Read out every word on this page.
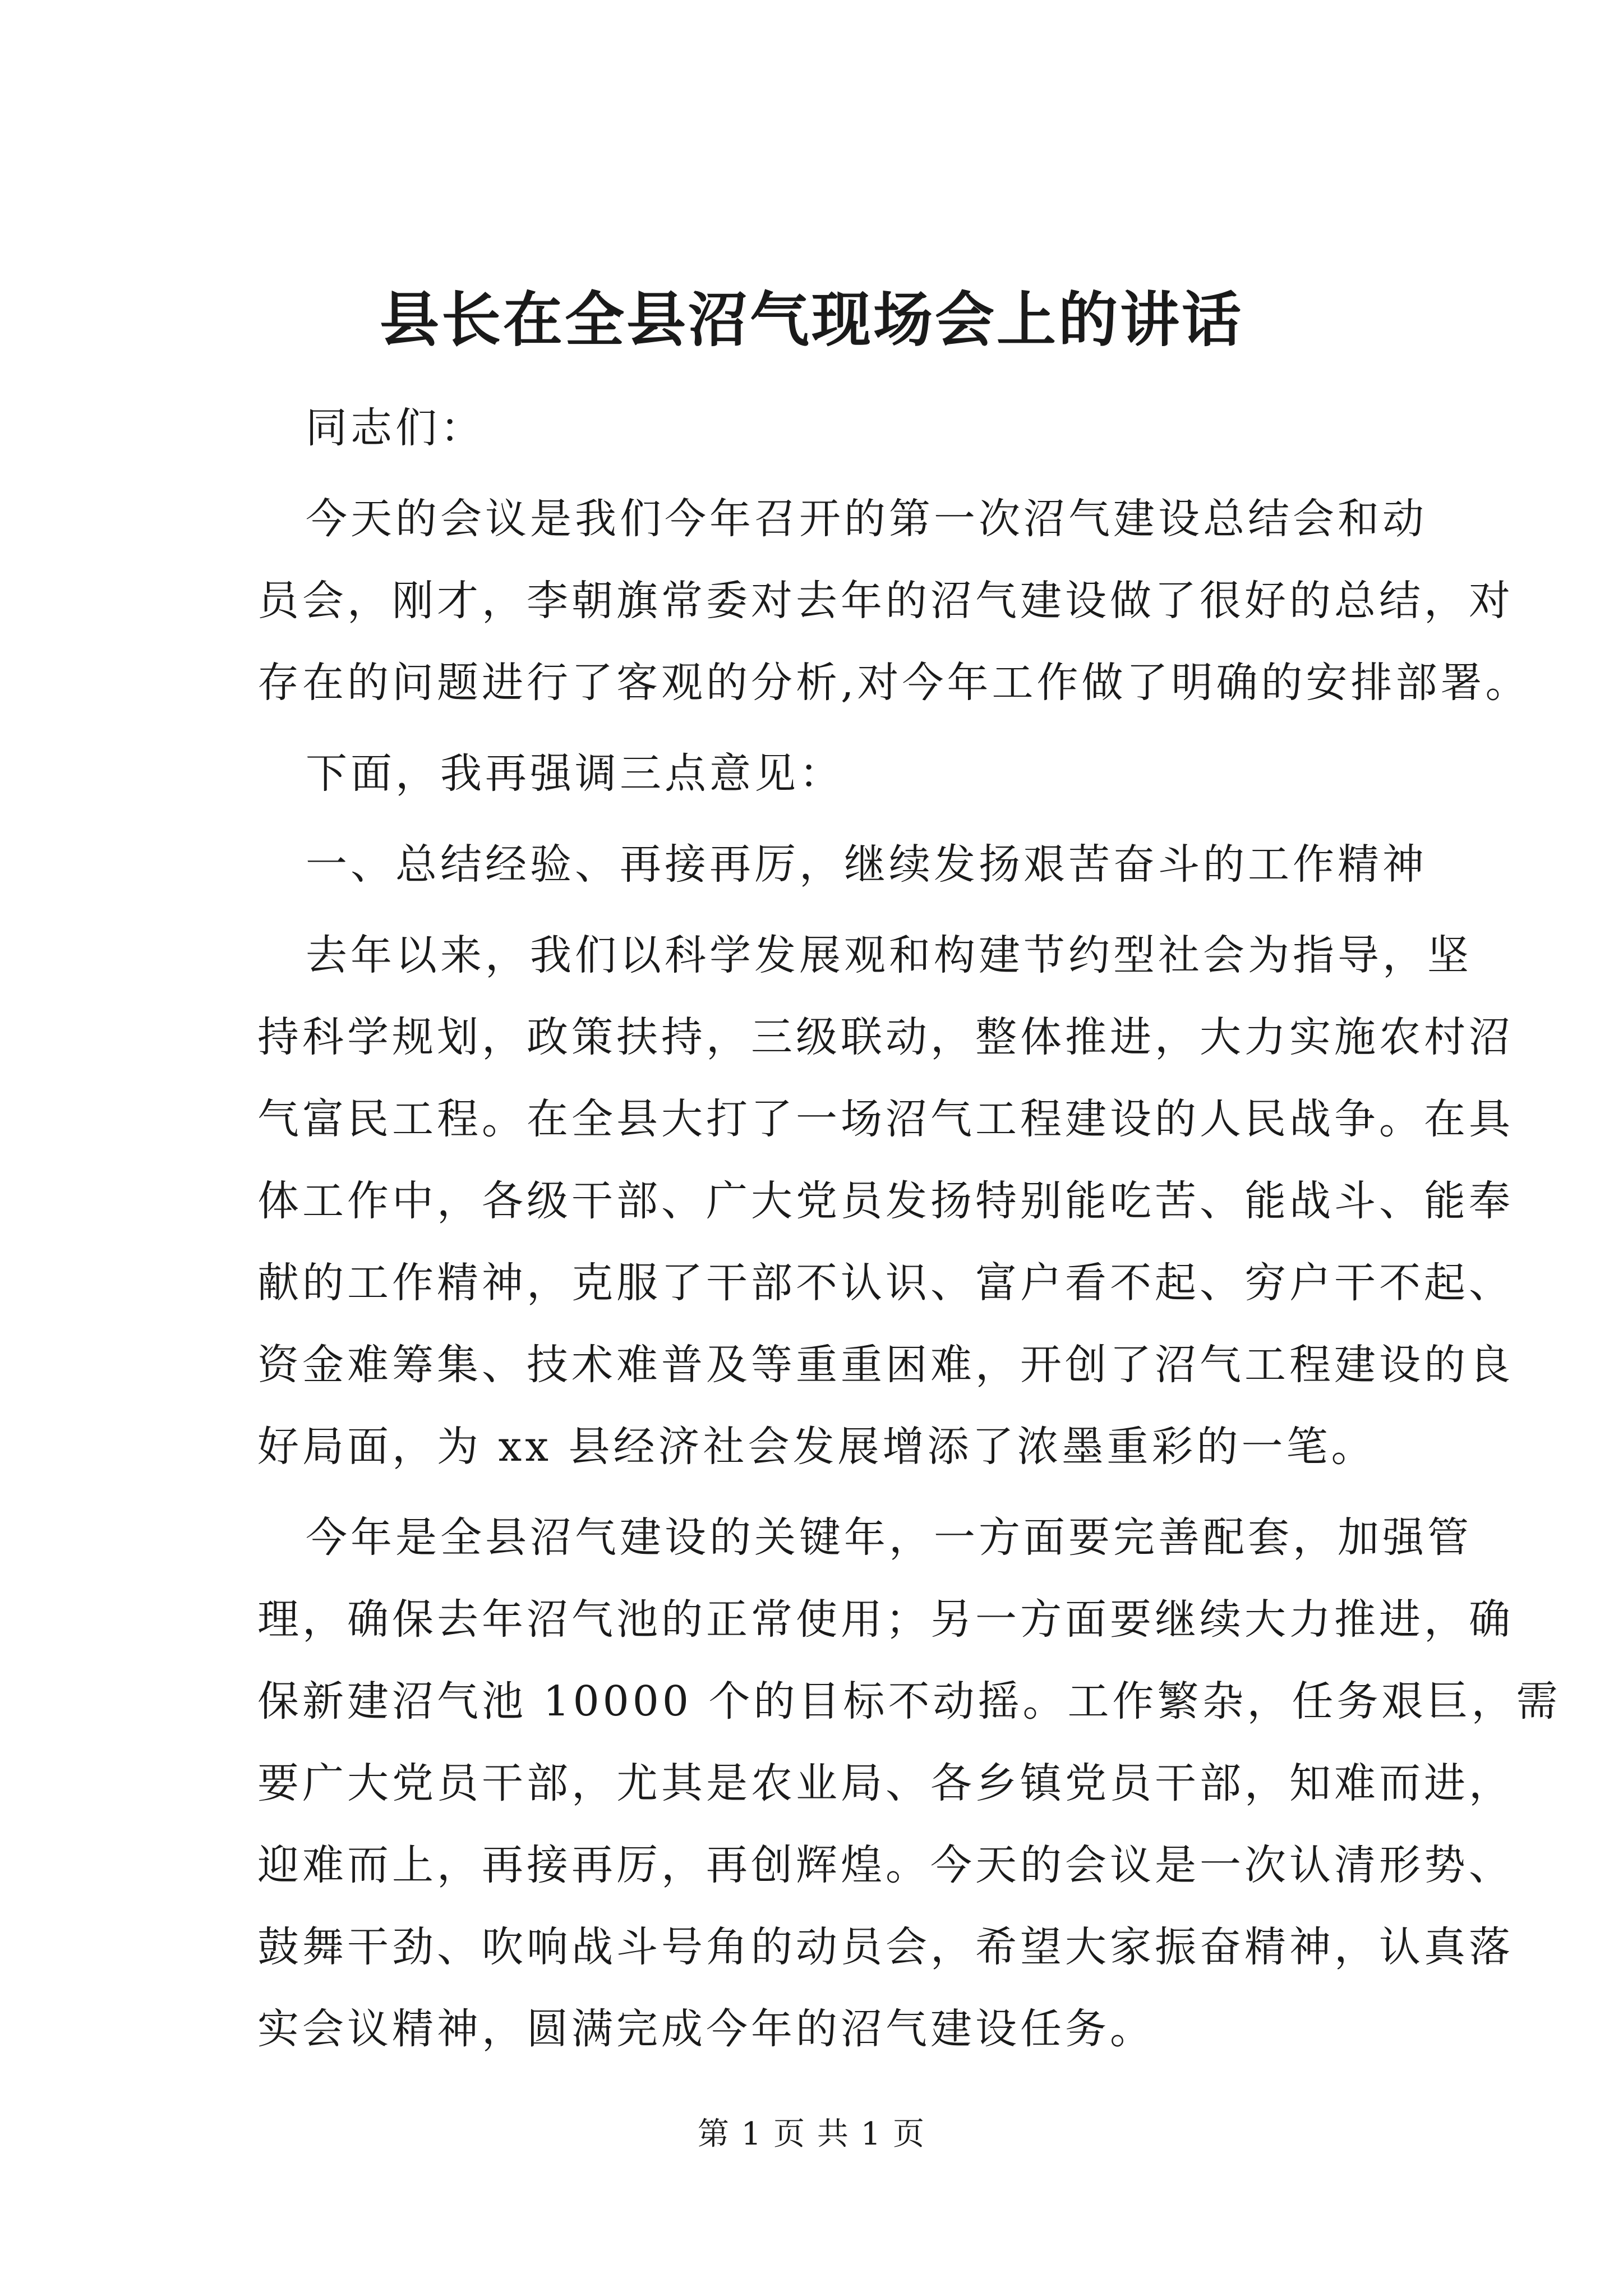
县长在全县沼气现场会上的讲话
同志们：
今天的会议是我们今年召开的第一次沼气建设总结会和动
员会，刚才，李朝旗常委对去年的沼气建设做了很好的总结，对
存在的问题进行了客观的分析,对今年工作做了明确的安排部署。
下面，我再强调三点意见：
一、总结经验、再接再厉，继续发扬艰苦奋斗的工作精神
去年以来，我们以科学发展观和构建节约型社会为指导，坚
持科学规划，政策扶持，三级联动，整体推进，大力实施农村沼
气富民工程。在全县大打了一场沼气工程建设的人民战争。在具
体工作中，各级干部、广大党员发扬特别能吃苦、能战斗、能奉
献的工作精神，克服了干部不认识、富户看不起、穷户干不起、
资金难筹集、技术难普及等重重困难，开创了沼气工程建设的良
好局面，为 xx 县经济社会发展增添了浓墨重彩的一笔。
今年是全县沼气建设的关键年，一方面要完善配套，加强管
理，确保去年沼气池的正常使用；另一方面要继续大力推进，确
保新建沼气池 10000 个的目标不动摇。工作繁杂，任务艰巨，需
要广大党员干部，尤其是农业局、各乡镇党员干部，知难而进，
迎难而上，再接再厉，再创辉煌。今天的会议是一次认清形势、
鼓舞干劲、吹响战斗号角的动员会，希望大家振奋精神，认真落
实会议精神，圆满完成今年的沼气建设任务。
第 1 页 共 1 页
